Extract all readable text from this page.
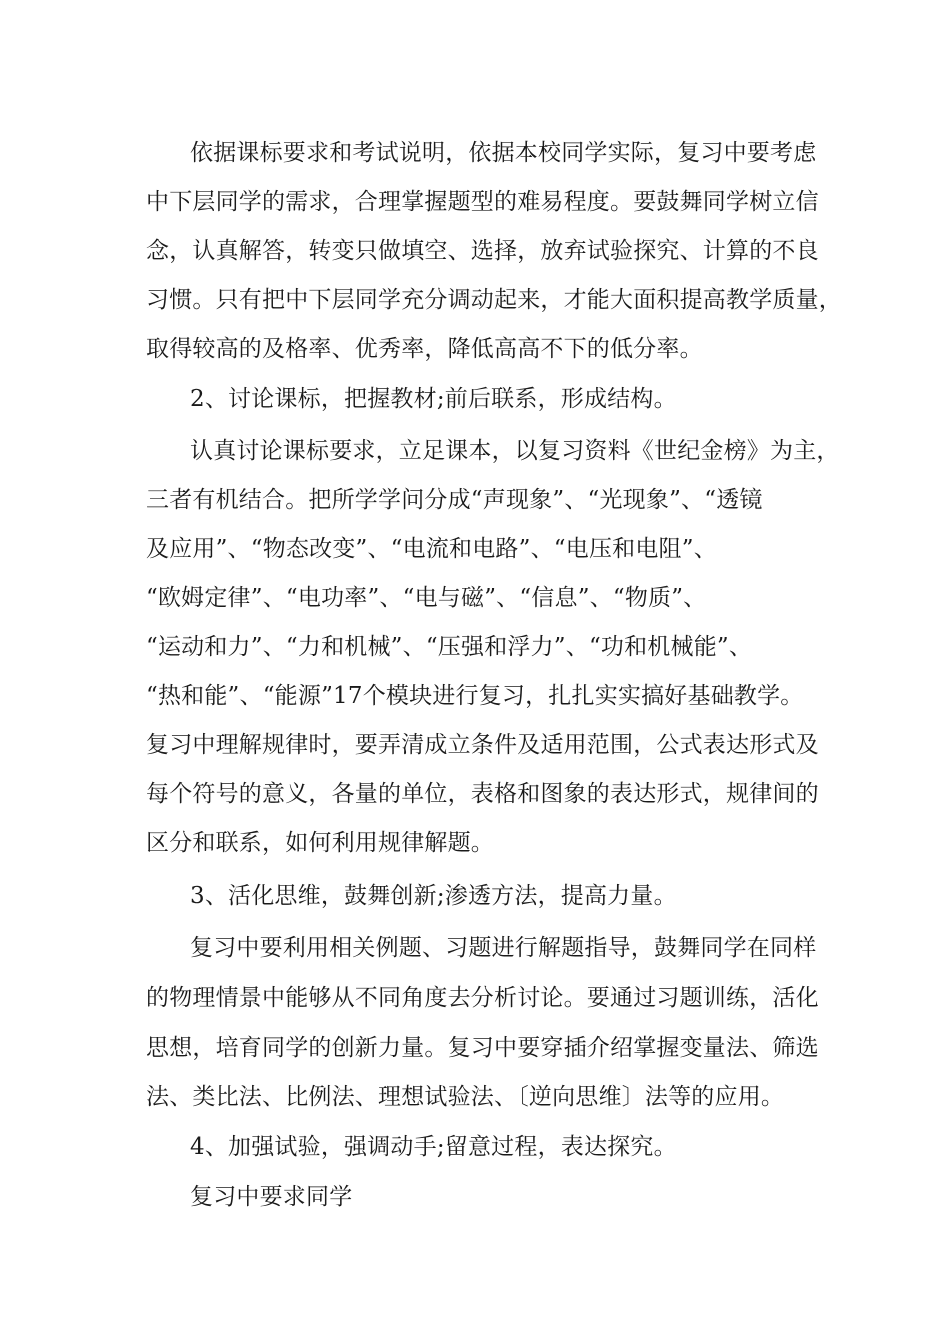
依据课标要求和考试说明，依据本校同学实际，复习中要考虑
中下层同学的需求，合理掌握题型的难易程度。要鼓舞同学树立信
念，认真解答，转变只做填空、选择，放弃试验探究、计算的不良
习惯。只有把中下层同学充分调动起来，才能大面积提高教学质量，
取得较高的及格率、优秀率，降低高高不下的低分率。
2、讨论课标，把握教材;前后联系，形成结构。
认真讨论课标要求，立足课本，以复习资料《世纪金榜》为主，
三者有机结合。把所学学问分成“声现象”、“光现象”、“透镜
及应用”、“物态改变”、“电流和电路”、“电压和电阻”、
“欧姆定律”、“电功率”、“电与磁”、“信息”、“物质”、
“运动和力”、“力和机械”、“压强和浮力”、“功和机械能”、
“热和能”、“能源”17个模块进行复习，扎扎实实搞好基础教学。
复习中理解规律时，要弄清成立条件及适用范围，公式表达形式及
每个符号的意义，各量的单位，表格和图象的表达形式，规律间的
区分和联系，如何利用规律解题。
3、活化思维，鼓舞创新;渗透方法，提高力量。
复习中要利用相关例题、习题进行解题指导，鼓舞同学在同样
的物理情景中能够从不同角度去分析讨论。要通过习题训练，活化
思想，培育同学的创新力量。复习中要穿插介绍掌握变量法、筛选
法、类比法、比例法、理想试验法、〔逆向思维〕法等的应用。
4、加强试验，强调动手;留意过程，表达探究。
复习中要求同学
